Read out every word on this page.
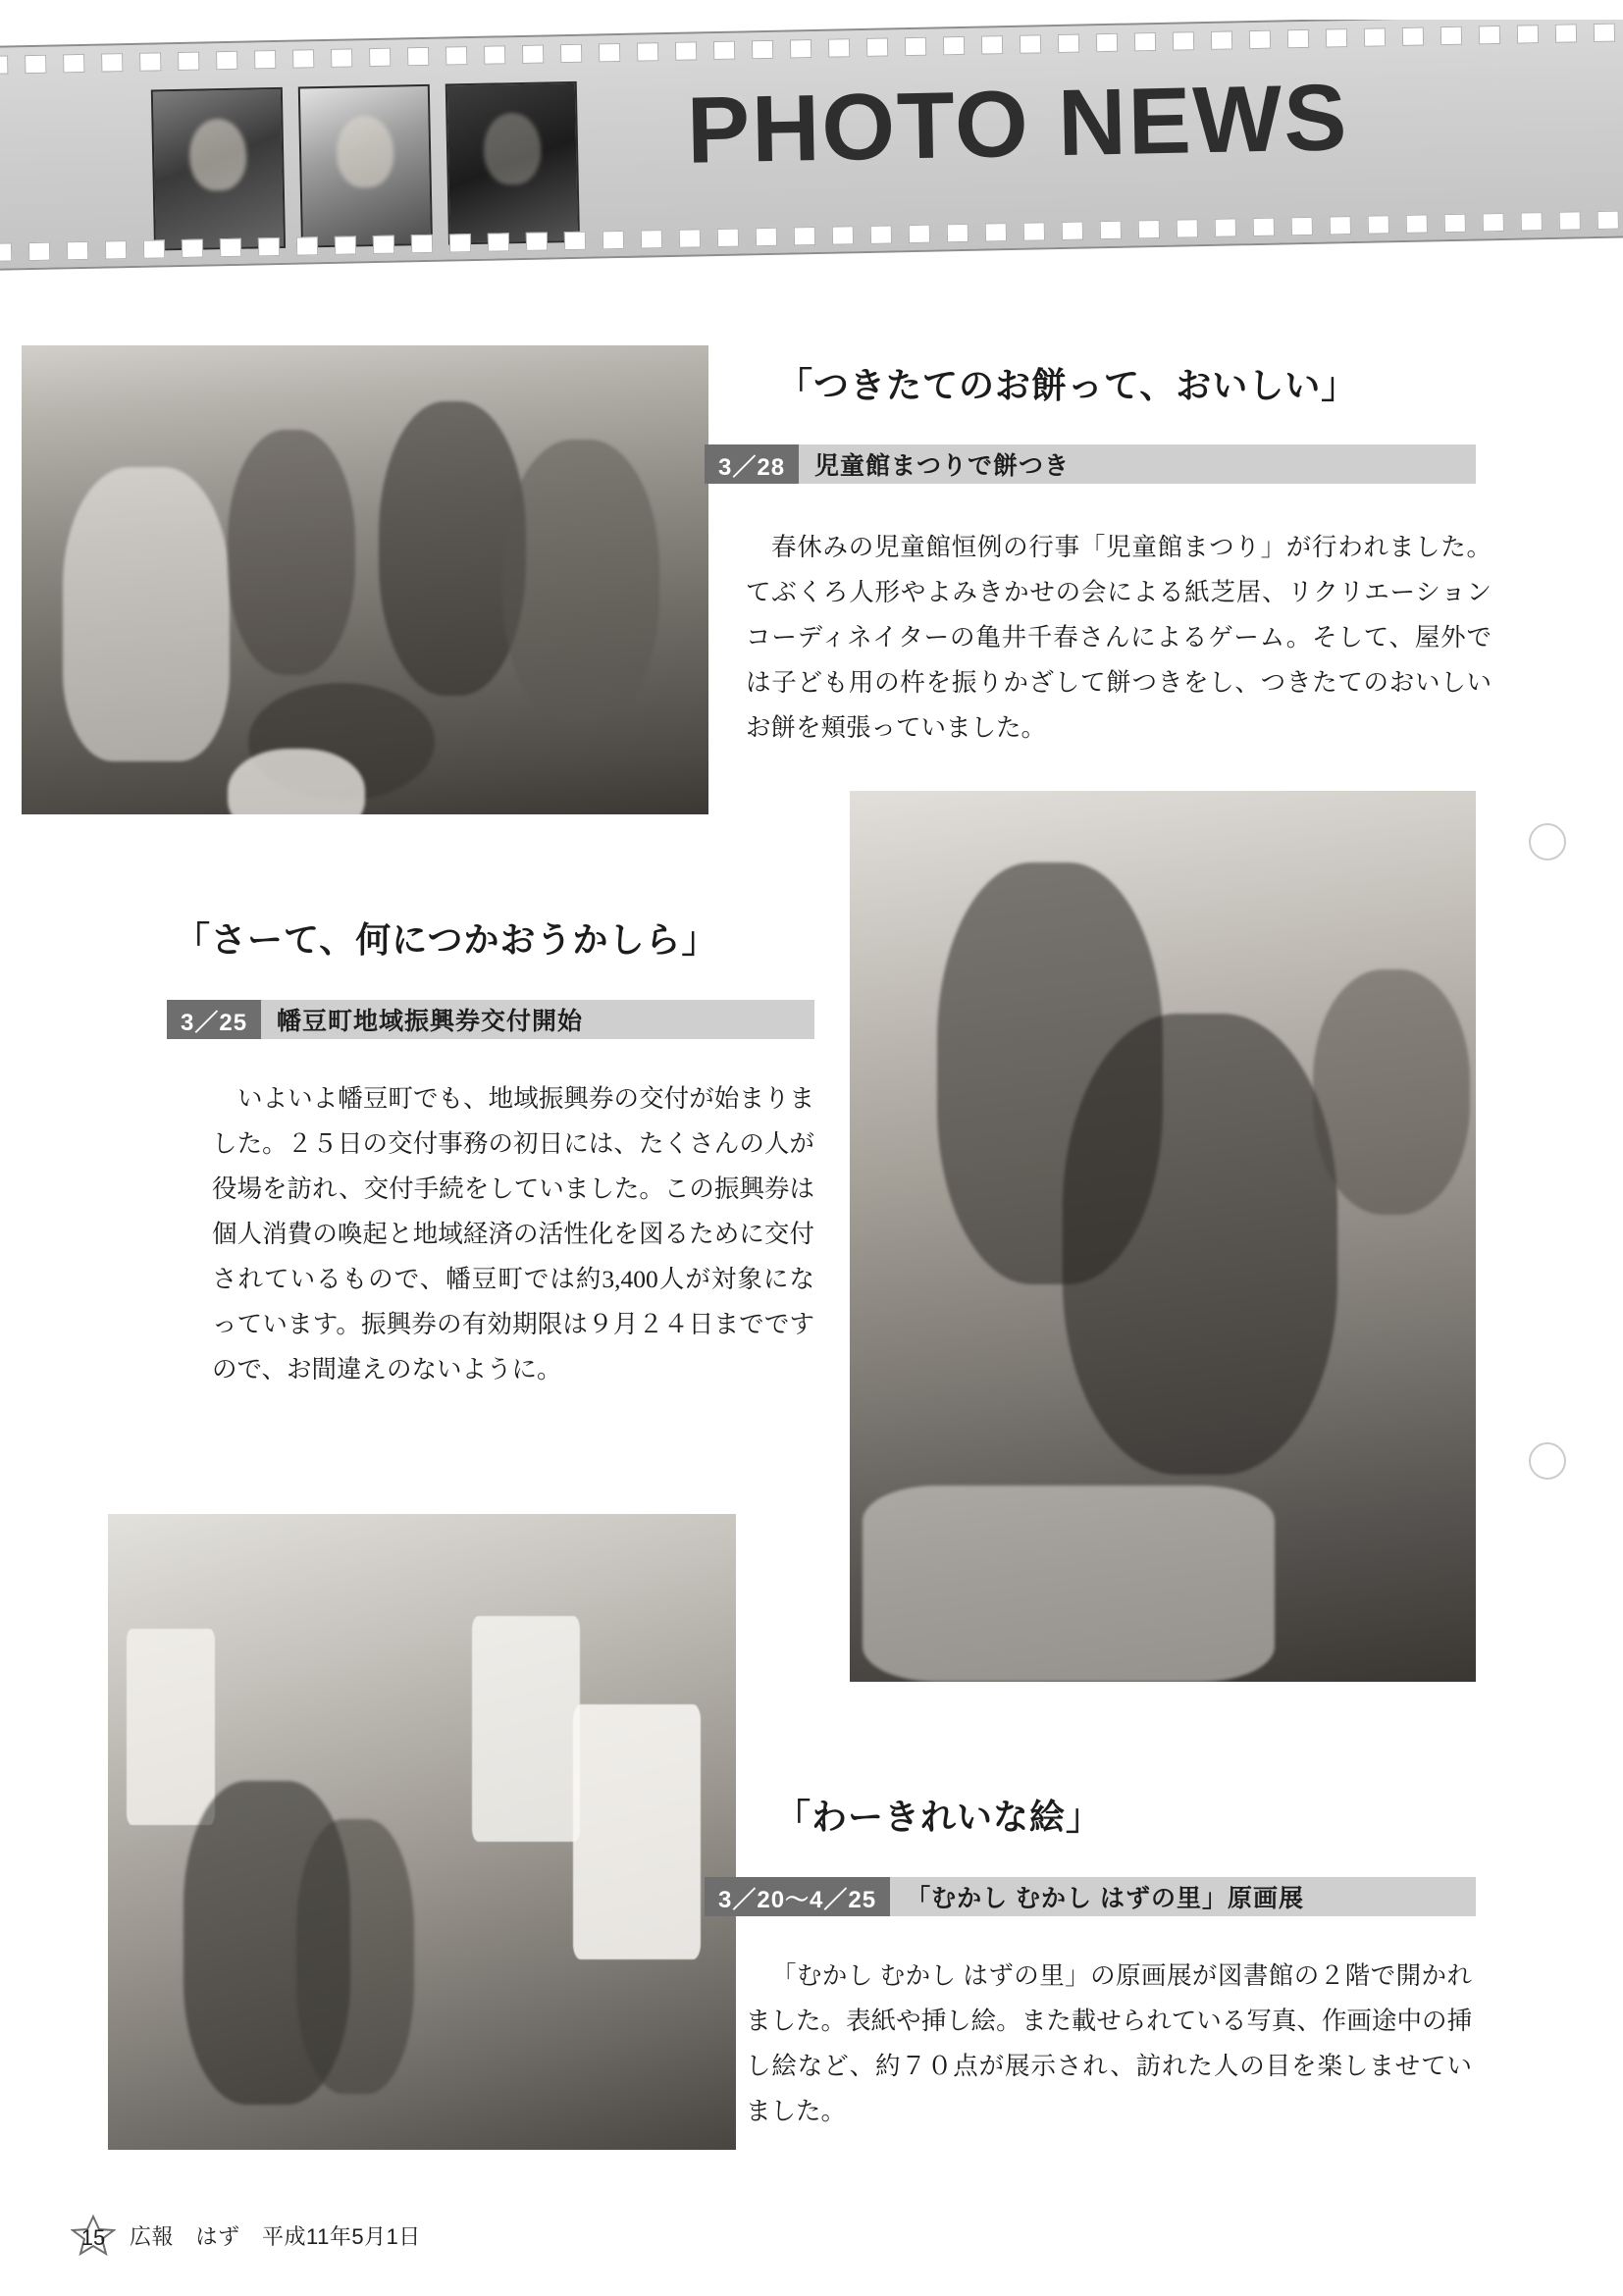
PHOTO NEWS
「つきたてのお餅って、おいしい」
3／28	児童館まつりで餅つき
春休みの児童館恒例の行事「児童館まつり」が行われました。てぶくろ人形やよみきかせの会による紙芝居、リクリエーションコーディネイターの亀井千春さんによるゲーム。そして、屋外では子ども用の杵を振りかざして餅つきをし、つきたてのおいしいお餅を頬張っていました。
「さーて、何につかおうかしら」
3／25	幡豆町地域振興券交付開始
いよいよ幡豆町でも、地域振興券の交付が始まりました。２５日の交付事務の初日には、たくさんの人が役場を訪れ、交付手続をしていました。この振興券は個人消費の喚起と地域経済の活性化を図るために交付されているもので、幡豆町では約3,400人が対象になっています。振興券の有効期限は９月２４日までですので、お間違えのないように。
「わーきれいな絵」
3／20〜4／25	「むかし むかし はずの里」原画展
「むかし むかし はずの里」の原画展が図書館の２階で開かれました。表紙や挿し絵。また載せられている写真、作画途中の挿し絵など、約７０点が展示され、訪れた人の目を楽しませていました。
15 広報　はず　平成11年5月1日
